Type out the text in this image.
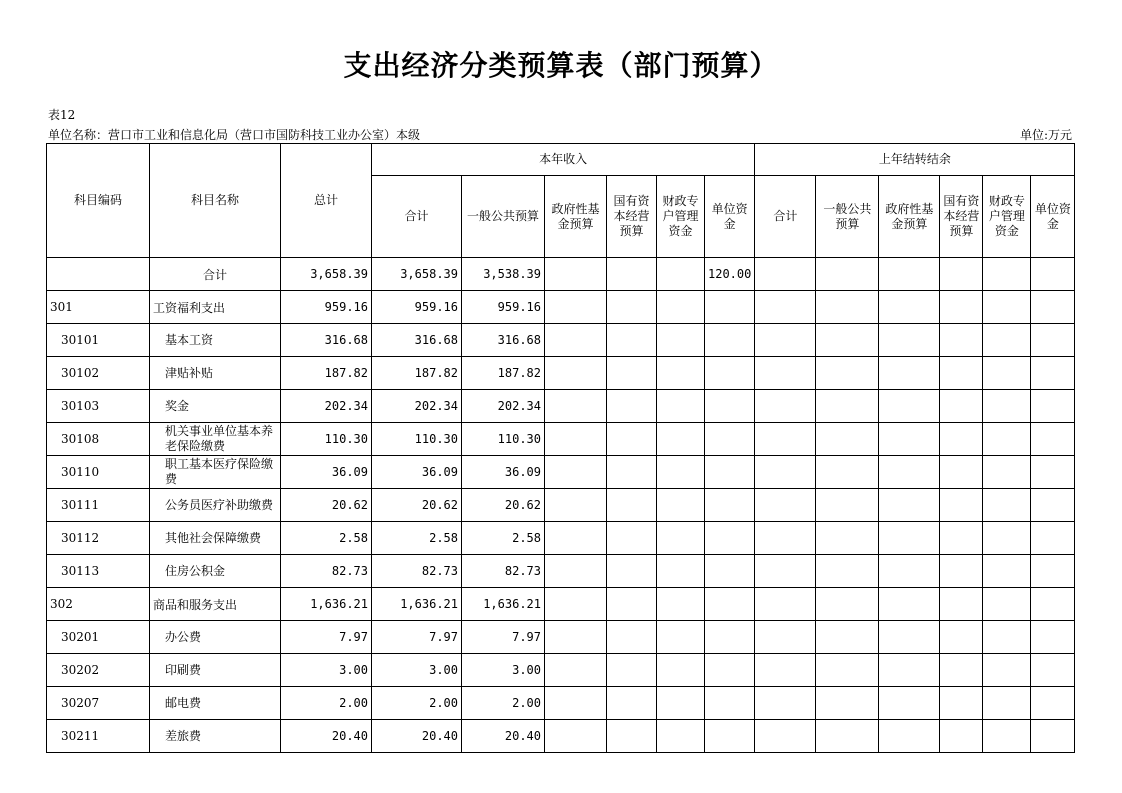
支出经济分类预算表（部门预算）
表12
单位名称：营口市工业和信息化局（营口市国防科技工业办公室）本级	单位:万元
科目编码	科目名称	总计	本年收入						上年结转结余					
			合计	一般公共预算	政府性基金预算	国有资本经营预算	财政专户管理资金	单位资金	合计	一般公共预算	政府性基金预算	国有资本经营预算	财政专户管理资金	单位资金
	合计	3,658.39	3,658.39	3,538.39				120.00						
301	工资福利支出	959.16	959.16	959.16										
30101	基本工资	316.68	316.68	316.68										
30102	津贴补贴	187.82	187.82	187.82										
30103	奖金	202.34	202.34	202.34										
30108	机关事业单位基本养老保险缴费	110.30	110.30	110.30										
30110	职工基本医疗保险缴费	36.09	36.09	36.09										
30111	公务员医疗补助缴费	20.62	20.62	20.62										
30112	其他社会保障缴费	2.58	2.58	2.58										
30113	住房公积金	82.73	82.73	82.73										
302	商品和服务支出	1,636.21	1,636.21	1,636.21										
30201	办公费	7.97	7.97	7.97										
30202	印刷费	3.00	3.00	3.00										
30207	邮电费	2.00	2.00	2.00										
30211	差旅费	20.40	20.40	20.40										
